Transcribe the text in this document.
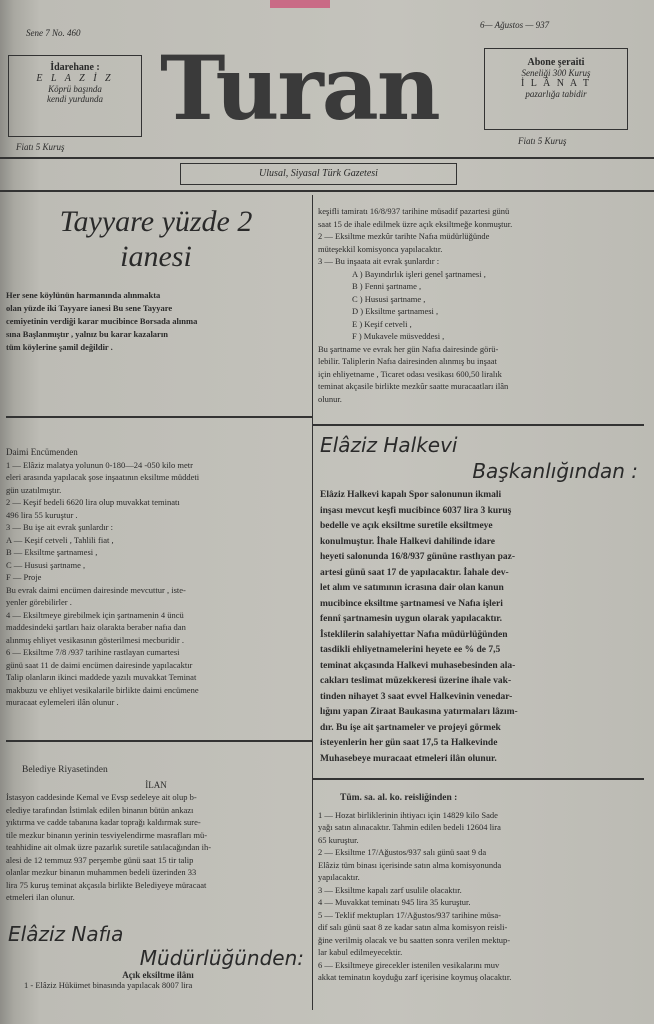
Sene 7 No. 460
6— Ağustos — 937
İdarehane :
E L A Z İ Z
Köprü başında
kendi yurdunda
Fiatı 5 Kuruş
Turan	Abone şeraiti
Seneliği 300 Kuruş
İ L Â N A T
pazarlığa tabidir
Fiatı 5 Kuruş
Ulusal, Siyasal Türk Gazetesi
Tayyare yüzde 2
ianesi

Her sene köylünün harmanında alınmakta

olan yüzde iki Tayyare ianesi Bu sene Tayyare

cemiyetinin verdiği karar mucibince Borsada alınma

sına Başlanmıştır , yalnız bu karar kazaların

tüm köylerine şamil değildir .

Daimi Encümenden

1 — Elâziz malatya yolunun 0-180—24 -050 kilo metr

eleri arasında yapılacak şose inşaatının eksiltme müddeti

gün uzatılmıştır.

2 — Keşif bedeli 6620 lira olup muvakkat teminatı

496 lira 55 kuruştur .

3 — Bu işe ait evrak şunlardır :

A — Keşif cetveli , Tahlili fiat ,

B — Eksiltme şartnamesi ,

C — Hususi şartname ,

F — Proje

Bu evrak daimi encümen dairesinde mevcuttur , iste-

yenler görebilirler .

4 — Eksiltmeye girebilmek için şartnamenin 4 üncü

maddesindeki şartları haiz olarakta beraber nafıa dan

alınmış ehliyet vesikasının gösterilmesi mecburidir .

6 — Eksiltme 7/8 /937 tarihine rastlayan cumartesi

günü saat 11 de daimi encümen dairesinde yapılacaktır

Talip olanların ikinci maddede yazılı muvakkat Teminat

makbuzu ve ehliyet vesikalarile birlikte daimi encümene

muracaat eylemeleri ilân olunur .

Belediye Riyasetinden

İLAN

İstasyon caddesinde Kemal ve Evsp sedeleye ait olup b-

elediye tarafından İstimlak edilen binanın bütün ankazı

yıktırma ve cadde tabanına kadar toprağı kaldırmak sure-

tile mezkur binanın yerinin tesviyelendirme masrafları mü-

teahhidine ait olmak üzre pazarlık suretile satılacağından ih-

alesi de 12 temmuz 937 perşembe günü saat 15 tir talip

olanlar mezkur binanın muhammen bedeli üzerinden 33

lira 75 kuruş teminat akçasıla birlikte Belediyeye müracaat

etmeleri ilan olunur.

Elâziz Nafıa
Müdürlüğünden:
Açık eksiltme ilânı
1 - Elâziz Hükümet binasında yapılacak 8007 lira

keşifli tamiratı 16/8/937 tarihine müsadif pazartesi günü

saat 15 de ihale edilmek üzre açık eksiltmeğe konmuştur.

2 — Eksiltme mezkûr tarihte Nafıa müdürlüğünde

müteşekkil komisyonca yapılacaktır.

3 — Bu inşaata ait evrak şunlardır :

A ) Bayındırlık işleri genel şartnamesi ,

B ) Fenni şartname ,

C ) Hususi şartname ,

D ) Eksiltme şartnamesi ,

E ) Keşif cetveli ,

F ) Mukavele müsveddesi ,

Bu şartname ve evrak her gün Nafıa dairesinde görü-

lebilir. Taliplerin Nafıa dairesinden alınmış bu inşaat

için ehliyetname , Ticaret odası vesikası 600,50 liralık

teminat akçasile birlikte mezkûr saatte muracaatları ilân

olunur.

Elâziz Halkevi
Başkanlığından :

Elâziz Halkevi kapalı Spor salonunun ikmali

inşası mevcut keşfi mucibince 6037 lira 3 kuruş

bedelle ve açık eksiltme suretile eksiltmeye

konulmuştur. İhale Halkevi dahilinde idare

heyeti salonunda 16/8/937 gününe rastlıyan paz-

artesi günü saat 17 de yapılacaktır. İahale dev-

let alım ve satımının icrasına dair olan kanun

mucibince eksiltme şartnamesi ve Nafıa işleri

fennî şartnamesin uygun olarak yapılacaktır.

İsteklilerin salahiyettar Nafıa müdürlüğünden

tasdikli ehliyetnamelerini heyete ee % de 7,5

teminat akçasında Halkevi muhasebesinden ala-

cakları teslimat müzekkeresi üzerine ihale vak-

tinden nihayet 3 saat evvel Halkevinin venedar-

lığını yapan Ziraat Baukasına yatırmaları lâzım-

dır. Bu işe ait şartnameler ve projeyi görmek

isteyenlerin her gün saat 17,5 ta Halkevinde

Muhasebeye muracaat etmeleri ilân olunur.

Tüm. sa. al. ko. reisliğinden :

1 — Hozat birliklerinin ihtiyacı için 14829 kilo Sade

yağı satın alınacaktır. Tahmin edilen bedeli 12604 lira

65 kuruştur.

2 — Eksiltme 17/Ağustos/937 salı günü saat 9 da

Elâziz tüm binası içerisinde satın alma komisyonunda

yapılacaktır.

3 — Eksiltme kapalı zarf usulile olacaktır.

4 — Muvakkat teminatı 945 lira 35 kuruştur.

5 — Teklif mektupları 17/Ağustos/937 tarihine müsa-

dif salı günü saat 8 ze kadar satın alma komisyon reisli-

ğine verilmiş olacak ve bu saatten sonra verilen mektup-

lar kabul edilmeyecektir.

6 — Eksiltmeye girecekler istenilen vesikalarını muv

akkat teminatın koyduğu zarf içerisine koymuş olacaktır.
